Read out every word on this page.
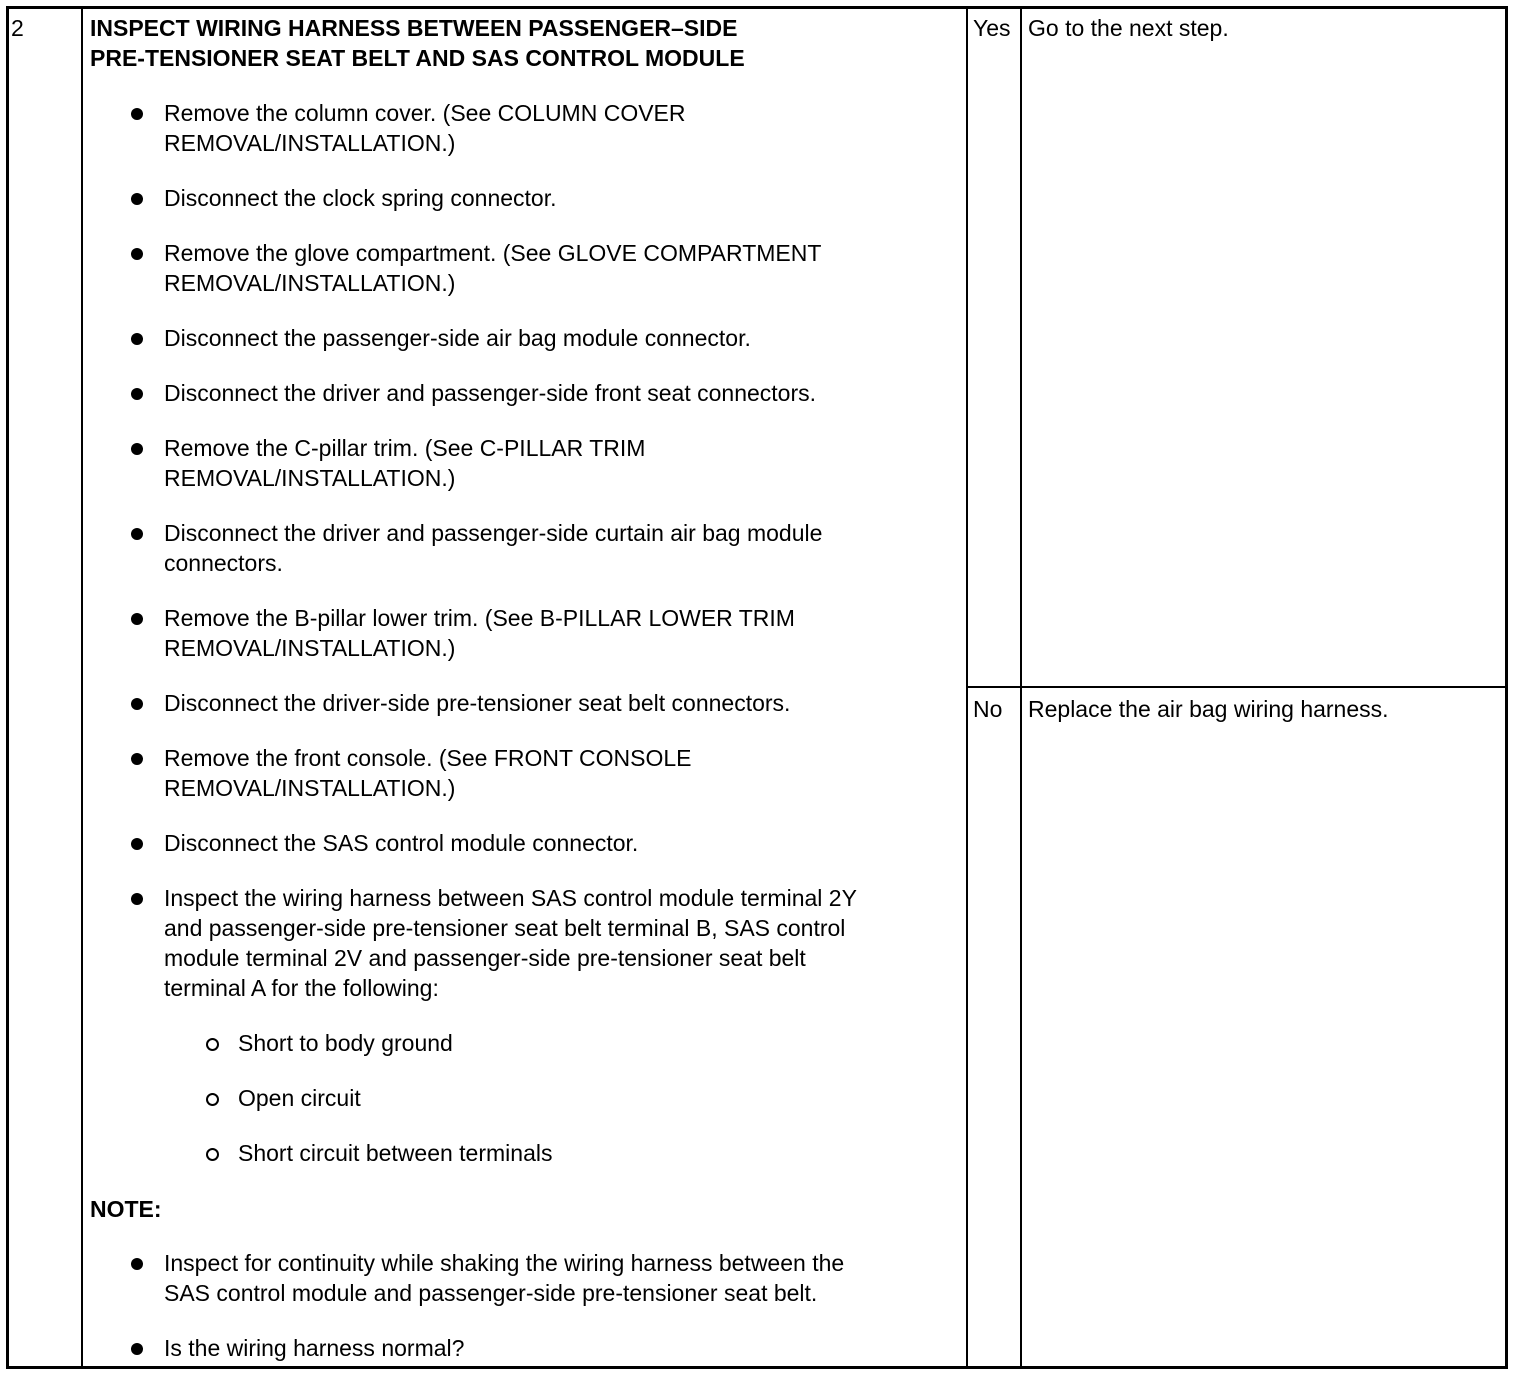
2	INSPECT WIRING HARNESS BETWEEN PASSENGER–SIDE
PRE-TENSIONER SEAT BELT AND SAS CONTROL MODULE
Remove the column cover. (See COLUMN COVER
REMOVAL/INSTALLATION.)
Disconnect the clock spring connector.
Remove the glove compartment. (See GLOVE COMPARTMENT
REMOVAL/INSTALLATION.)
Disconnect the passenger-side air bag module connector.
Disconnect the driver and passenger-side front seat connectors.
Remove the C-pillar trim. (See C-PILLAR TRIM
REMOVAL/INSTALLATION.)
Disconnect the driver and passenger-side curtain air bag module
connectors.
Remove the B-pillar lower trim. (See B-PILLAR LOWER TRIM
REMOVAL/INSTALLATION.)
Disconnect the driver-side pre-tensioner seat belt connectors.
Remove the front console. (See FRONT CONSOLE
REMOVAL/INSTALLATION.)
Disconnect the SAS control module connector.
Inspect the wiring harness between SAS control module terminal 2Y
and passenger-side pre-tensioner seat belt terminal B, SAS control
module terminal 2V and passenger-side pre-tensioner seat belt
terminal A for the following:
Short to body ground
Open circuit
Short circuit between terminals
NOTE:
Inspect for continuity while shaking the wiring harness between the
SAS control module and passenger-side pre-tensioner seat belt.
Is the wiring harness normal?
Yes Go to the next step.
No Replace the air bag wiring harness.
